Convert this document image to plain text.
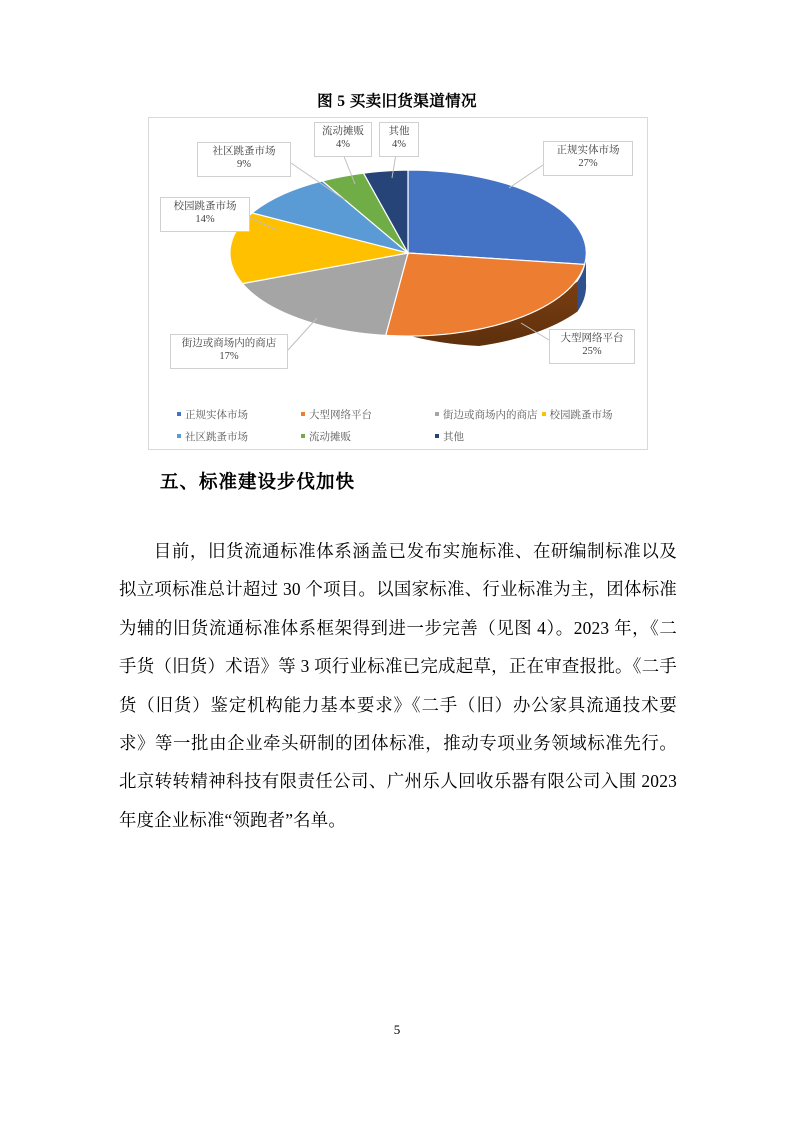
图 5 买卖旧货渠道情况
正规实体市场
27%
大型网络平台
25%
街边或商场内的商店
17%
校园跳蚤市场
14%
社区跳蚤市场
9%
流动摊贩
4%
其他
4%
正规实体市场	大型网络平台	街边或商场内的商店 校园跳蚤市场
社区跳蚤市场	流动摊贩	其他
五、标准建设步伐加快
目前，旧货流通标准体系涵盖已发布实施标准、在研编制标准以及拟立项标准总计超过 30 个项目。以国家标准、行业标准为主，团体标准为辅的旧货流通标准体系框架得到进一步完善（见图 4）。2023 年，《二手货（旧货）术语》等 3 项行业标准已完成起草，正在审查报批。《二手货（旧货）鉴定机构能力基本要求》《二手（旧）办公家具流通技术要求》等一批由企业牵头研制的团体标准，推动专项业务领域标准先行。北京转转精神科技有限责任公司、广州乐人回收乐器有限公司入围 2023 年度企业标准“领跑者”名单。
5
